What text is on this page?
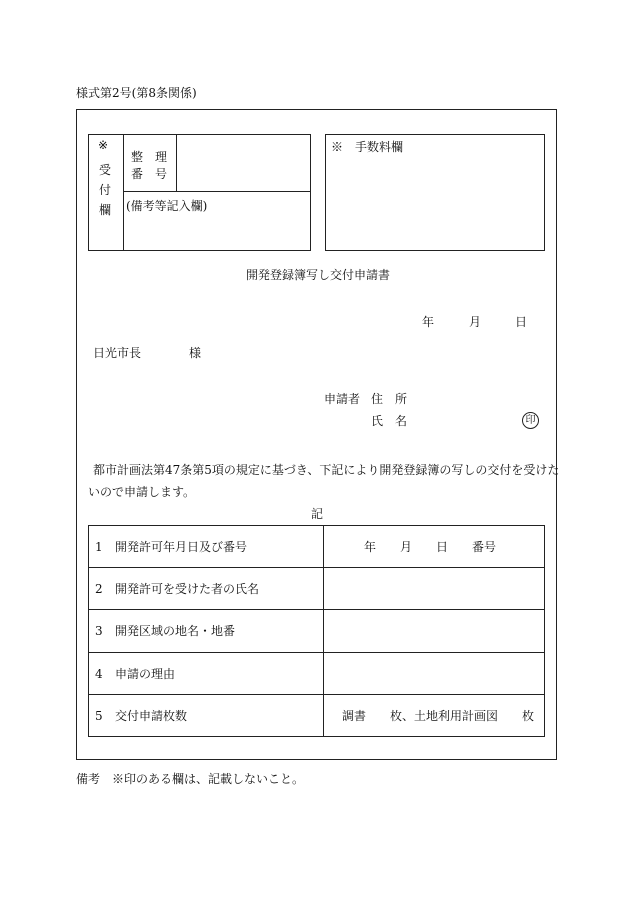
様式第2号(第8条関係)
※
受
付
欄
整　理
番　号
(備考等記入欄)
※　手数料欄
開発登録簿写し交付申請書
年	月	日
日光市長	様
申請者 住　所
氏　名	印
都市計画法第47条第5項の規定に基づき、下記により開発登録簿の写しの交付を受けた
いので申請します。
記
1 開発許可年月日及び番号	　年　　月　　日　　番号
2 開発許可を受けた者の氏名	
3 開発区域の地名・地番	
4 申請の理由	
5 交付申請枚数	調書　　枚、土地利用計画図　　枚
備考　※印のある欄は、記載しないこと。
